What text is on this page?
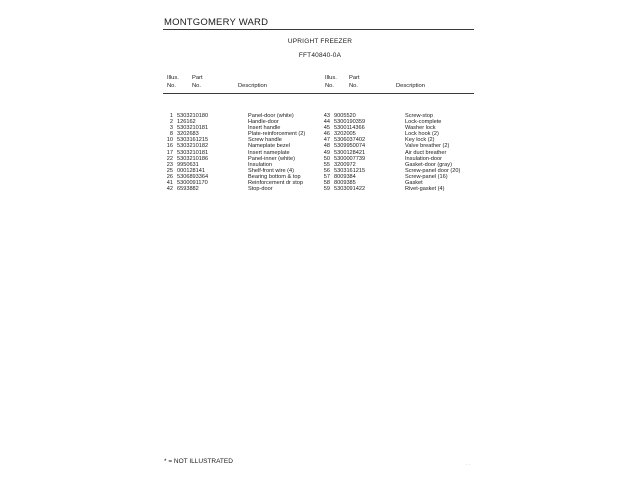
MONTGOMERY WARD
UPRIGHT FREEZER
FFT40840-0A
Illus.
No.
Part
No.	Description
Illus.
No.
Part
No.	Description
1 5303210180	Panel-door (white)
2 126162	Handle-door
3 5303210181	Insert handle
8 3202683	Plate-reinforcement (2)
10 5303161215	Screw handle
16 5303210182	Nameplate bezel
17 5303210181	Insert nameplate
22 5303210186	Panel-inner (white)
23 9950631	Insulation
25 000128141	Shelf-front wire (4)
26 5306893364	Bearing bottom & top
41 5300091170	Reinforcement dr stop
42 6593882	Stop-door
43 9005520	Screw-stop
44 5300190359	Lock-complete
45 5300114366	Washer lock
46 3202005	Lock hook (2)
47 5306037402	Key lock (2)
48 5309950074	Valve breather (2)
49 5300128421	Air duct breather
50 5300007739	Insulation-door
55 3200972	Gasket-door (gray)
56 5303161215	Screw-panel door (20)
57 8009384	Screw-panel (16)
58 8009385	Gasket
59 5303091422	Rivet-gasket (4)
* = NOT ILLUSTRATED	· ·
